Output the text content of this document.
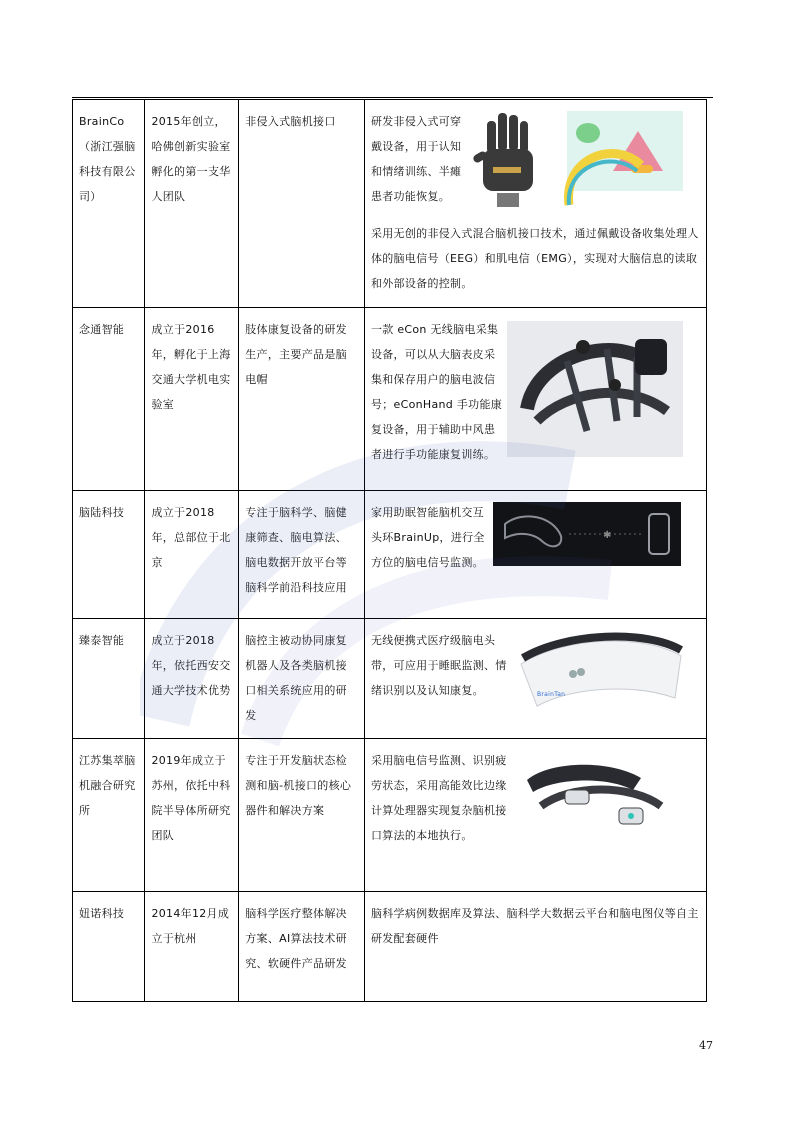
BrainCo（浙江强脑科技有限公司）	2015年创立，哈佛创新实验室孵化的第一支华人团队	非侵入式脑机接口	研发非侵入式可穿戴设备，用于认知和情绪训练、半瘫患者功能恢复。
采用无创的非侵入式混合脑机接口技术，通过佩戴设备收集处理人体的脑电信号（EEG）和肌电信（EMG），实现对大脑信息的读取和外部设备的控制。

念通智能	成立于2016年，孵化于上海交通大学机电实验室	肢体康复设备的研发生产，主要产品是脑电帽	一款 eCon 无线脑电采集设备，可以从大脑表皮采集和保存用户的脑电波信号；eConHand 手功能康复设备，用于辅助中风患者进行手功能康复训练。

脑陆科技	成立于2018年，总部位于北京	专注于脑科学、脑健康筛查、脑电算法、脑电数据开放平台等脑科学前沿科技应用	家用助眠智能脑机交互头环BrainUp，进行全方位的脑电信号监测。
✱

臻泰智能	成立于2018年，依托西安交通大学技术优势	脑控主被动协同康复机器人及各类脑机接口相关系统应用的研发	无线便携式医疗级脑电头带，可应用于睡眠监测、情绪识别以及认知康复。 BrainTan

江苏集萃脑机融合研究所	2019年成立于苏州，依托中科院半导体所研究团队	专注于开发脑状态检测和脑-机接口的核心器件和解决方案	采用脑电信号监测、识别疲劳状态，采用高能效比边缘计算处理器实现复杂脑机接口算法的本地执行。

妞诺科技	2014年12月成立于杭州	脑科学医疗整体解决方案、AI算法技术研究、软硬件产品研发	脑科学病例数据库及算法、脑科学大数据云平台和脑电图仪等自主研发配套硬件
47
